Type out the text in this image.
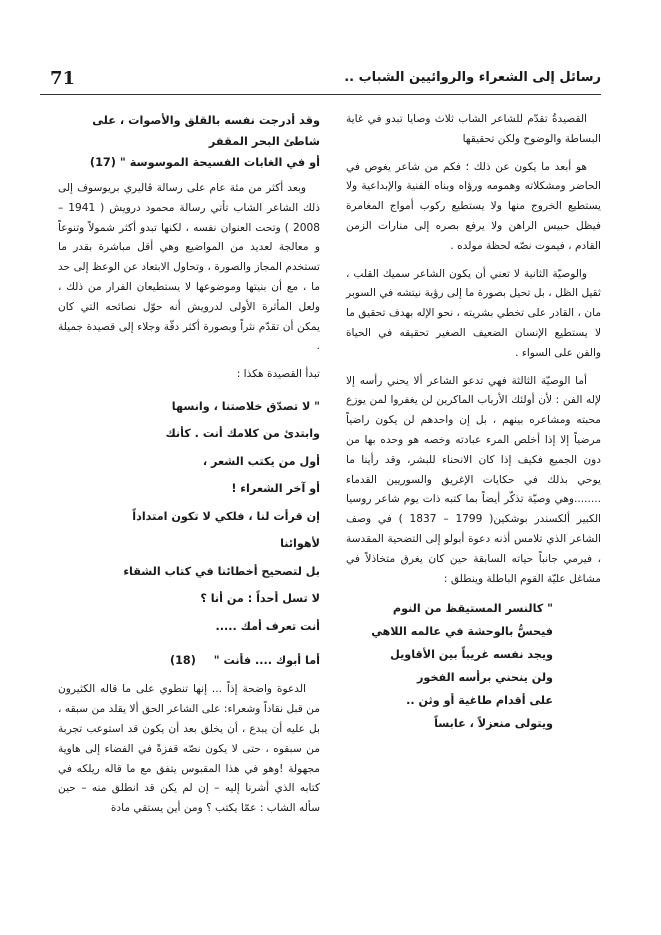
71	رسائل إلى الشعراء والروائيين الشباب ..

القصيدةُ تقدّم للشاعر الشاب ثلاث وصايا تبدو في غاية البساطة والوضوح ولكن تحقيقها

هو أبعد ما يكون عن ذلك ؛ فكم من شاعر يغوص في الحاضر ومشكلاته وهمومه ورؤاه وبناه الفنية والإبداعية ولا يستطيع الخروج منها ولا يستطيع ركوب أمواج المغامرة فيظل حبيس الراهن ولا يرفع بصره إلى منارات الزمن القادم ، فيموت نصّه لحظة مولده .

والوصيّة الثانية لا تعني أن يكون الشاعر سميك القلب ، ثقيل الظل ، بل تحيل بصورة ما إلى رؤية نيتشه في السوبر مان ، القادر على تخطي بشريته ، نحو الإله بهدف تحقيق ما لا يستطيع الإنسان الضعيف الصغير تحقيقه في الحياة والفن على السواء .

أما الوصيّة الثالثة فهي تدعو الشاعر ألا يحني رأسه إلا لإله الفن : لأن أولئك الأرباب الماكرين لن يغفروا لمن يوزع محبته ومشاعره بينهم ، بل إن واحدهم لن يكون راضياً مرضياً إلا إذا أخلص المرء عبادته وخصه هو وحده بها من دون الجميع فكيف إذا كان الانحناء للبشر، وقد رأينا ما يوحي بذلك في حكايات الإغريق والسوريين القدماء ........وهي وصيّة تذكّر أيضاً بما كتبه ذات يوم شاعر روسيا الكبير ألكسندر بوشكين( 1799 – 1837 ) في وصف الشاعر الذي تلامس أذنه دعوة أبولو إلى التضحية المقدسة ، فيرمي جانباً حياته السابقة حين كان يغرق متخاذلاً في مشاغل عليّة القوم الباطلة وينطلق :

" كالنسر المستيقظ من النوم
فيحسُّ بالوحشة في عالمه اللاهي
ويجد نفسه غريباً بين الأقاويل
ولن ينحني برأسه الفخور
على أقدام طاغية أو وثن ..
ويتولى منعزلاً ، عابساً
وقد أدرجت نفسه بالقلق والأصوات ، على
شاطئ البحر المقفر
أو في الغابات الفسيحة الموسوسة " (17)

وبعد أكثر من مئة عام على رسالة ڤاليري بريوسوف إلى ذلك الشاعر الشاب تأتي رسالة محمود درويش ( 1941 – 2008 ) وتحت العنوان نفسه ، لكنها تبدو أكثر شمولاً وتنوعاً و معالجة لعديد من المواضيع وهي أقل مباشرة بقدر ما تستخدم المجاز والصورة ، وتحاول الابتعاد عن الوعظ إلى حد ما ، مع أن بنيتها وموضوعها لا يستطيعان الفرار من ذلك ، ولعل المأثرة الأولى لدرويش أنه حوّل نصائحه التي كان يمكن أن تقدّم نثراً وبصورة أكثر دقّة وجلاء إلى قصيدة جميلة .

تبدأ القصيدة هكذا :

" لا تصدّق خلاصتنا ، وانسها
وابتدئ من كلامك أنت . كأنك
أول من يكتب الشعر ،
أو آخر الشعراء !
إن قرأت لنا ، فلكي لا تكون امتداداً
لأهوائنا
بل لتصحيح أخطائنا في كتاب الشقاء
لا تسل أحداً : من أنا ؟
أنت تعرف أمك .....
أما أبوك .... فأنت " (18)

الدعوة واضحة إذاً ... إنها تنطوي على ما قاله الكثيرون من قبل نقاداً وشعراء: على الشاعر الحق ألا يقلد من سبقه ، بل عليه أن يبدع ، أن يخلق بعد أن يكون قد استوعب تجربة من سبقوه ، حتى لا يكون نصّه قفزةً في الفضاء إلى هاوية مجهولة !وهو في هذا المقبوس يتفق مع ما قاله ريلكه في كتابه الذي أشرنا إليه – إن لم يكن قد انطلق منه – حين سأله الشاب : عمّا يكتب ؟ ومن أين يستقي مادة
